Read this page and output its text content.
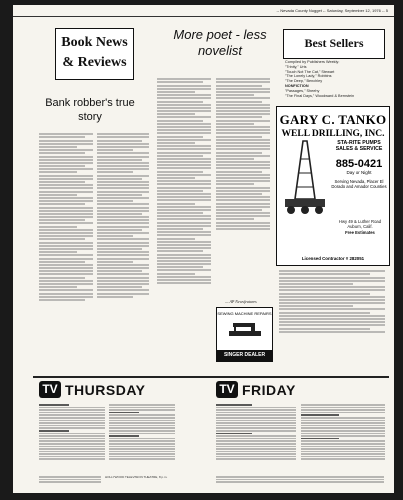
-- Nevada County Nugget -- Saturday, September 12, 1976 -- 5
Book News & Reviews
Bank robber's true story
More poet - less novelist
— AP Newsfeatures
SEWING MACHINE REPAIRS
SINGER DEALER
Best Sellers
Compiled by Publishers Weekly:
"Trinity," Uris
"Touch Not The Cat," Stewart
"The Lonely Lady," Robbins
"The Deep," Benchley
NONFICTION
"Passages," Sheehy
"The Final Days," Woodward & Bernstein
GARY C. TANKO
WELL DRILLING, INC.
STA-RITE PUMPS
SALES & SERVICE
885-0421
Day or Night
Serving Nevada, Placer El Dorado and Amador Counties
Hwy 49 & Luther Road
Auburn, Calif.
Free Estimates
Licensed Contractor # 282051
TV THURSDAY
HOLLYWOOD TELEVISION THEATRE, 8 p.m.
TV FRIDAY
